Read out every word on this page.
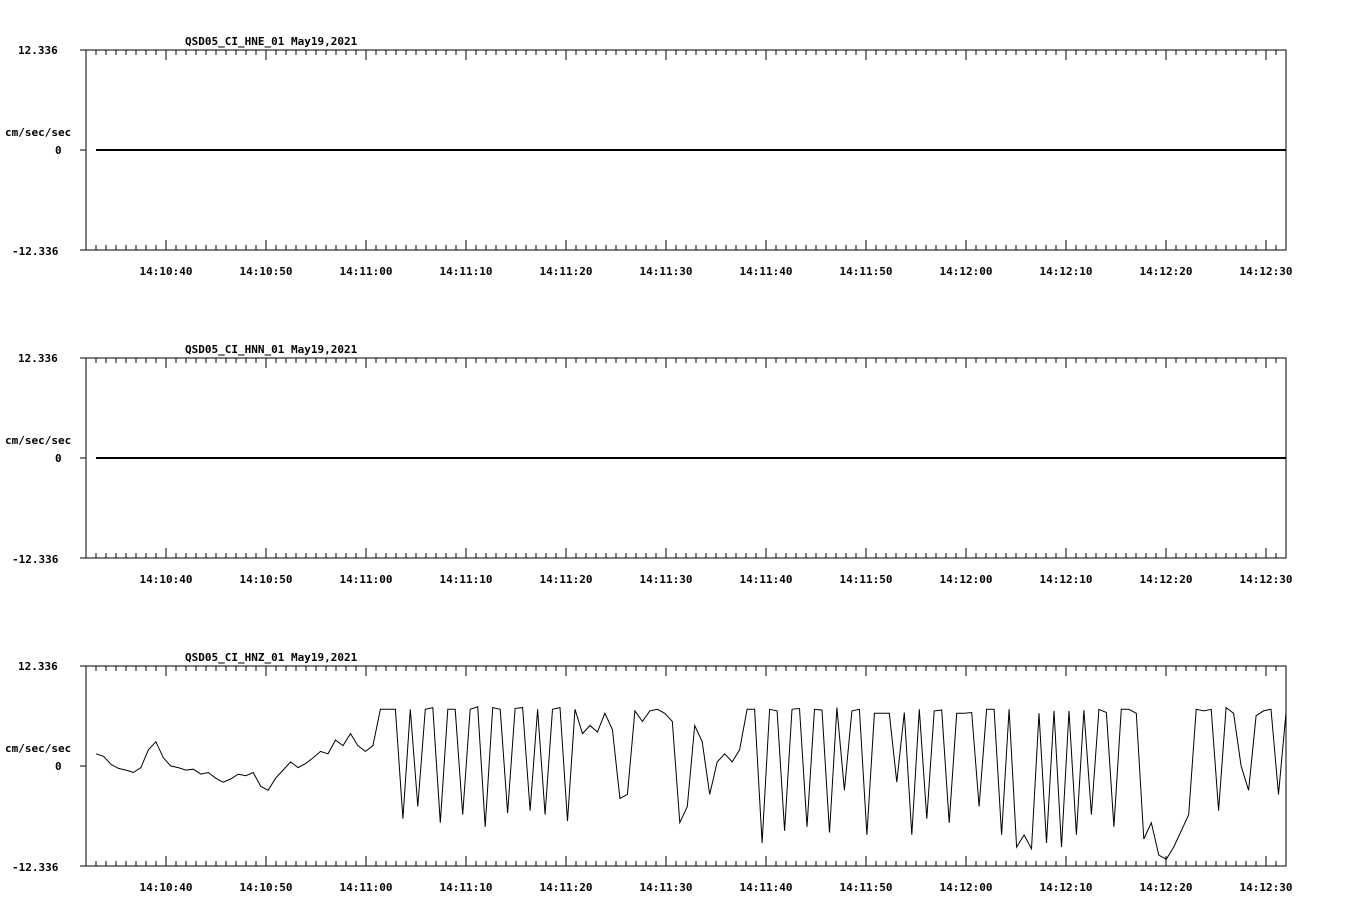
QSD05_CI_HNE_01 May19,2021
cm/sec/sec
12.336
0
-12.336
14:10:40	14:10:50	14:11:00	14:11:10	14:11:20	14:11:30	14:11:40	14:11:50	14:12:00	14:12:10	14:12:20	14:12:30
QSD05_CI_HNN_01 May19,2021
cm/sec/sec
12.336
0
-12.336
14:10:40	14:10:50	14:11:00	14:11:10	14:11:20	14:11:30	14:11:40	14:11:50	14:12:00	14:12:10	14:12:20	14:12:30
QSD05_CI_HNZ_01 May19,2021
cm/sec/sec
12.336
0
-12.336
14:10:40	14:10:50	14:11:00	14:11:10	14:11:20	14:11:30	14:11:40	14:11:50	14:12:00	14:12:10	14:12:20	14:12:30
